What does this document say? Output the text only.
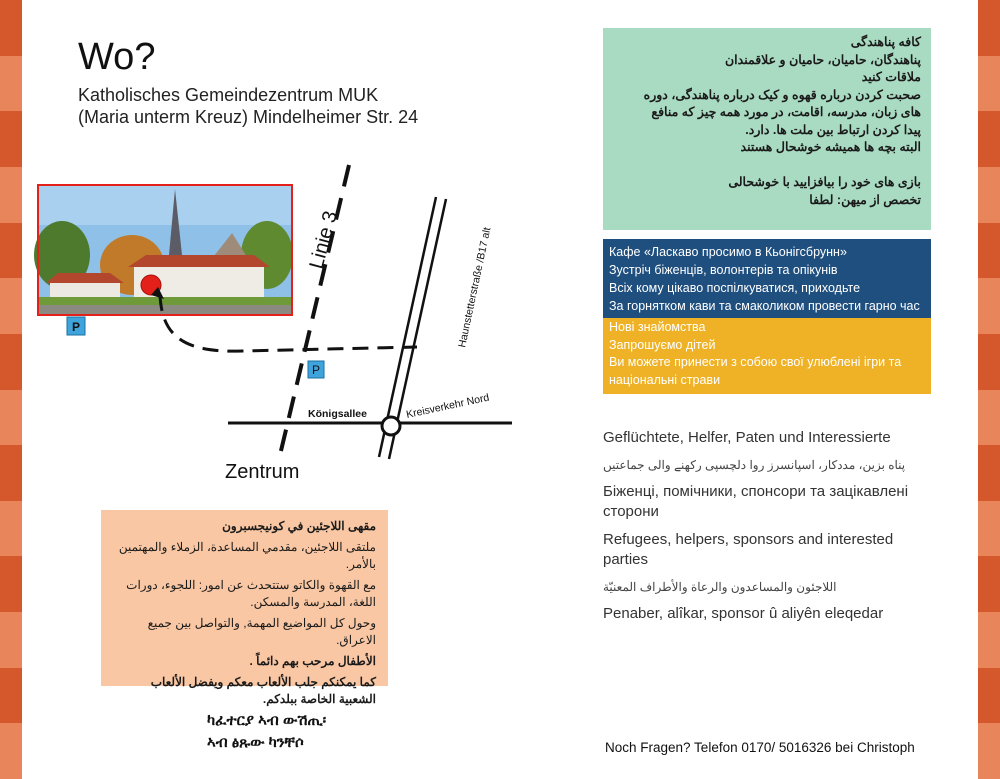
Wo?
Katholisches Gemeindezentrum MUK
(Maria unterm Kreuz) Mindelheimer Str. 24
P
Linie 3
P
Haunstetterstraße /B17 alt
Königsallee	Kreisverkehr Nord
Zentrum

مقهى اللاجئين في كونيجسبرون

ملتقى اللاجئين، مقدمي المساعدة، الزملاء والمهتمين بالأمر.

مع القهوة والكاتو ستتحدث عن امور: اللجوء، دورات اللغة، المدرسة والمسكن.

وحول كل المواضيع المهمة, والتواصل بين جميع الاعراق.

الأطفال مرحب بهم دائماً .

كما يمكنكم جلب الألعاب معكم ويفضل الألعاب الشعبية الخاصة ببلدكم.

ካፈተርያ ኣብ ውሽጢ፡
ኣብ ፅጹው ካንቸሶ

کافه پناهندگی

پناهندگان، حامیان، حامیان و علاقمندان

ملاقات کنید

صحبت کردن درباره قهوه و کیک درباره پناهندگی، دوره

های زبان، مدرسه، اقامت، در مورد همه چیز که منافع

پیدا کردن ارتباط بین ملت ها. دارد.

البته بچه ها همیشه خوشحال هستند

بازی های خود را بیافزایید با خوشحالی

تخصص از میهن: لطفا

Кафе «Ласкаво просимо в Кьонігсбрунн»
Зустріч біженців, волонтерів та опікунів
Всіх кому цікаво поспілкуватися, приходьте
За горнятком кави та смаколиком провести гарно час
Нові знайомства
Запрошуємо дітей
Ви можете принести з собою свої улюблені ігри та
національні страви
Geflüchtete, Helfer, Paten und Interessierte
پناه بزین، مددکار، اسپانسرز روا دلچسپی رکھنے والی جماعتیں
Біженці, помічники, спонсори та зацікавлені сторони
Refugees, helpers, sponsors and interested parties
اللاجئون والمساعدون والرعاة والأطراف المعنيّة
Penaber, alîkar, sponsor û aliyên eleqedar
Noch Fragen? Telefon 0170/ 5016326 bei Christoph
